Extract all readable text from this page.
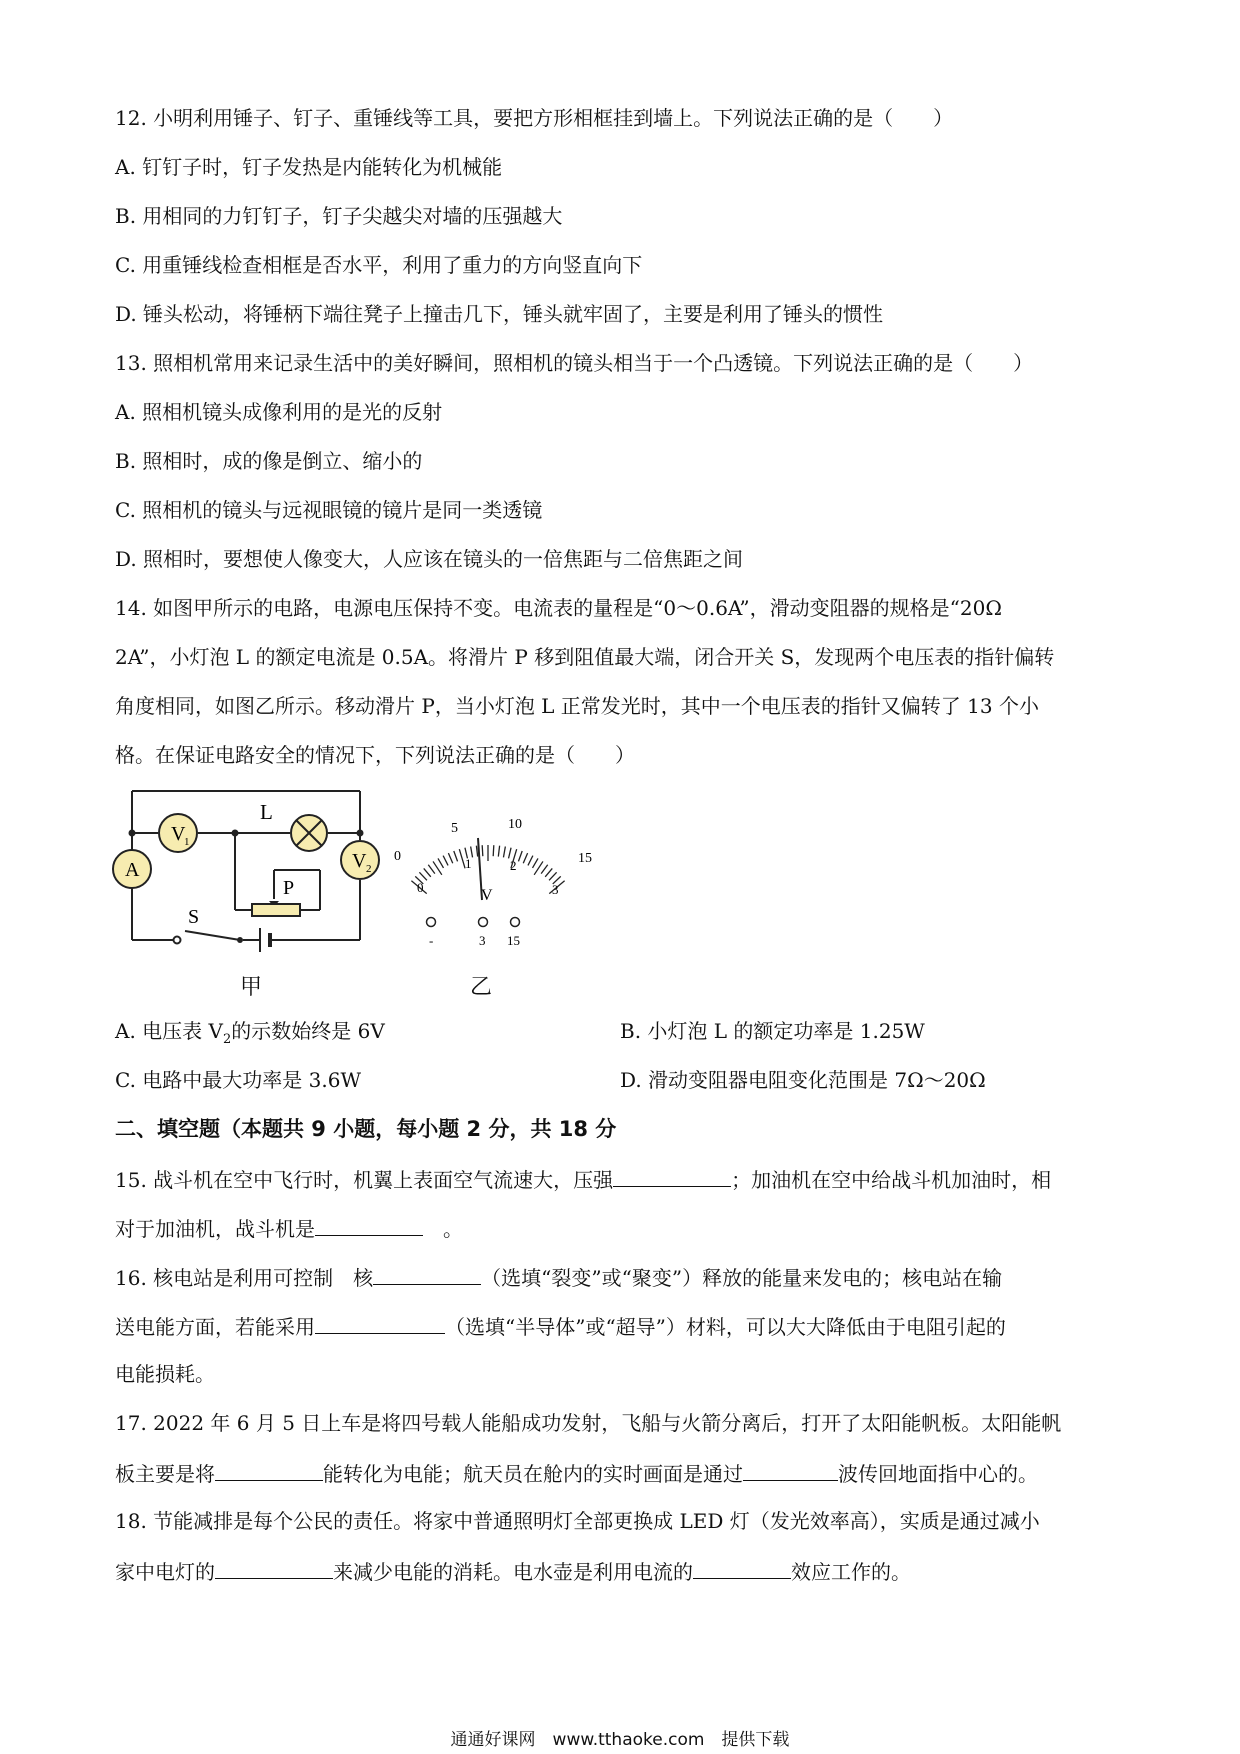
12. 小明利用锤子、钉子、重锤线等工具，要把方形相框挂到墙上。下列说法正确的是（　　）
A. 钉钉子时，钉子发热是内能转化为机械能
B. 用相同的力钉钉子，钉子尖越尖对墙的压强越大
C. 用重锤线检查相框是否水平，利用了重力的方向竖直向下
D. 锤头松动，将锤柄下端往凳子上撞击几下，锤头就牢固了，主要是利用了锤头的惯性
13. 照相机常用来记录生活中的美好瞬间，照相机的镜头相当于一个凸透镜。下列说法正确的是（　　）
A. 照相机镜头成像利用的是光的反射
B. 照相时，成的像是倒立、缩小的
C. 照相机的镜头与远视眼镜的镜片是同一类透镜
D. 照相时，要想使人像变大，人应该在镜头的一倍焦距与二倍焦距之间
14. 如图甲所示的电路，电源电压保持不变。电流表的量程是“0～0.6A”，滑动变阻器的规格是“20Ω
2A”，小灯泡 L 的额定电流是 0.5A。将滑片 P 移到阻值最大端，闭合开关 S，发现两个电压表的指针偏转
角度相同，如图乙所示。移动滑片 P，当小灯泡 L 正常发光时，其中一个电压表的指针又偏转了 13 个小
格。在保证电路安全的情况下，下列说法正确的是（　　）
V
1
L
V 2
A
S
P
0
5	10
15
0
1	2
3
V
-	3 15
甲	乙
A. 电压表 $V_2$的示数始终是 6V	B. 小灯泡 L 的额定功率是 1.25W
C. 电路中最大功率是 3.6W	D. 滑动变阻器电阻变化范围是 7Ω～20Ω
二、填空题（本题共 9 小题，每小题 2 分，共 18 分
15. 战斗机在空中飞行时，机翼上表面空气流速大，压强	；加油机在空中给战斗机加油时，相
对于加油机，战斗机是	　。
16. 核电站是利用可控制　核	（选填“裂变”或“聚变”）释放的能量来发电的；核电站在输
送电能方面，若能采用	（选填“半导体”或“超导”）材料，可以大大降低由于电阻引起的
电能损耗。
17. 2022 年 6 月 5 日上车是将四号载人能船成功发射，飞船与火箭分离后，打开了太阳能帆板。太阳能帆
板主要是将	能转化为电能；航天员在舱内的实时画面是通过	波传回地面指中心的。
18. 节能减排是每个公民的责任。将家中普通照明灯全部更换成 LED 灯（发光效率高），实质是通过减小
家中电灯的	来减少电能的消耗。电水壶是利用电流的	效应工作的。
通通好课网　www.tthaoke.com　提供下载
